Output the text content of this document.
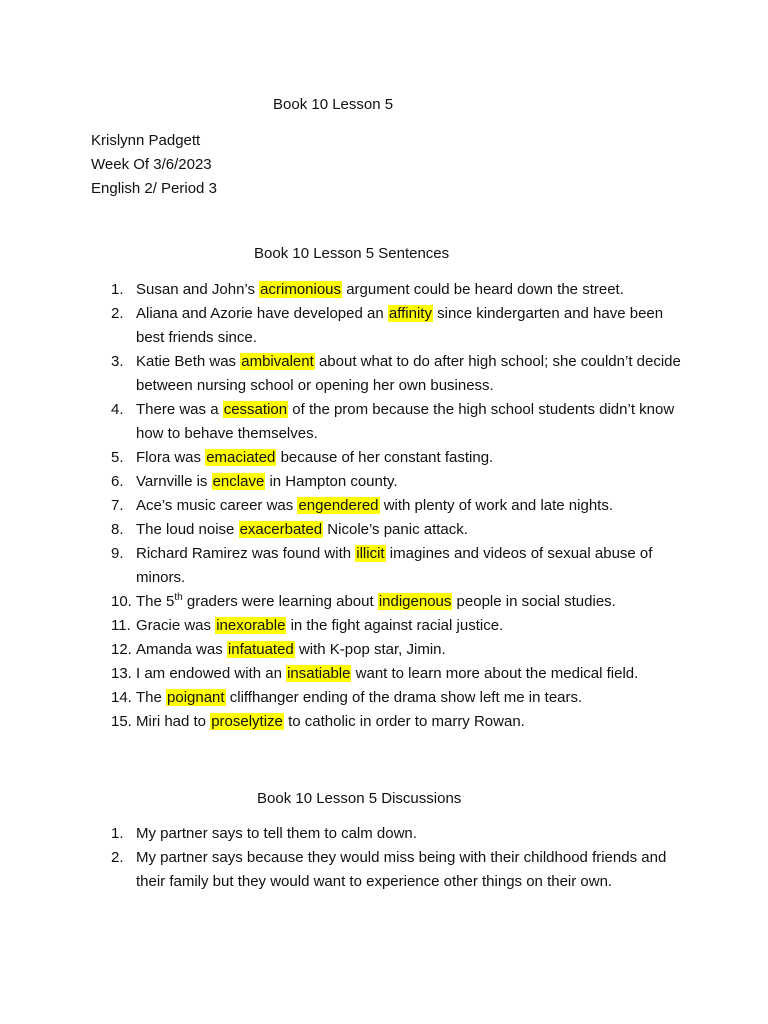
Book 10 Lesson 5
Krislynn Padgett
Week Of 3/6/2023
English 2/ Period 3
Book 10 Lesson 5 Sentences
1. Susan and John’s acrimonious argument could be heard down the street.
2. Aliana and Azorie have developed an affinity since kindergarten and have been best friends since.
3. Katie Beth was ambivalent about what to do after high school; she couldn’t decide between nursing school or opening her own business.
4. There was a cessation of the prom because the high school students didn’t know how to behave themselves.
5. Flora was emaciated because of her constant fasting.
6. Varnville is enclave in Hampton county.
7. Ace’s music career was engendered with plenty of work and late nights.
8. The loud noise exacerbated Nicole’s panic attack.
9. Richard Ramirez was found with illicit imagines and videos of sexual abuse of minors.
10. The 5th graders were learning about indigenous people in social studies.
11. Gracie was inexorable in the fight against racial justice.
12. Amanda was infatuated with K-pop star, Jimin.
13. I am endowed with an insatiable want to learn more about the medical field.
14. The poignant cliffhanger ending of the drama show left me in tears.
15. Miri had to proselytize to catholic in order to marry Rowan.
Book 10 Lesson 5 Discussions
1. My partner says to tell them to calm down.
2. My partner says because they would miss being with their childhood friends and their family but they would want to experience other things on their own.
